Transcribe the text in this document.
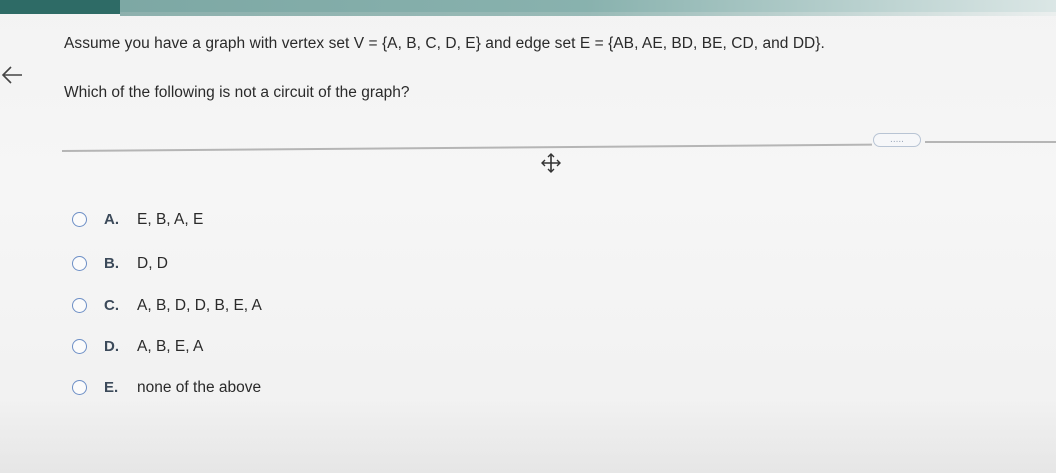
Assume you have a graph with vertex set V = {A, B, C, D, E} and edge set E = {AB, AE, BD, BE, CD, and DD}.
Which of the following is not a circuit of the graph?
.....
A. E, B, A, E
B. D, D
C. A, B, D, D, B, E, A
D. A, B, E, A
E. none of the above
